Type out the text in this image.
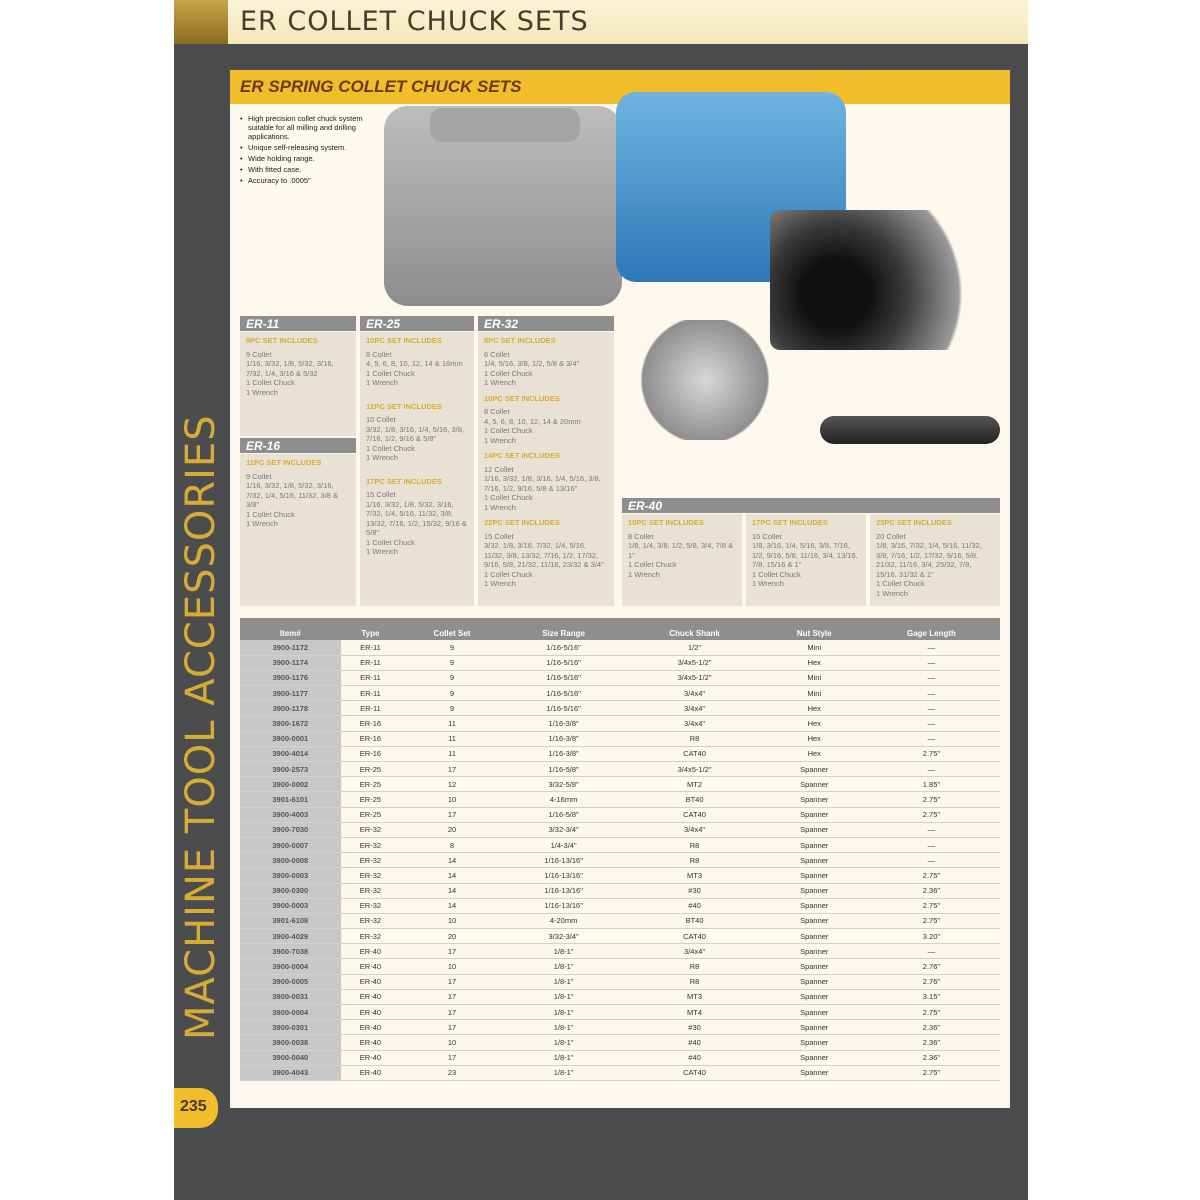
ER COLLET CHUCK SETS
MACHINE TOOL ACCESSORIES
235
ER SPRING COLLET CHUCK SETS
• High precision collet chuck system suitable for all milling and drilling applications.
• Unique self-releasing system.
• Wide holding range.
• With fitted case.
• Accuracy to .0005"
ER-11

9PC SET INCLUDES

9 Collet
1/16, 3/32, 1/8, 5/32, 3/16, 7/32, 1/4, 3/16 & 5/32
1 Collet Chuck
1 Wrench
ER-16

11PC SET INCLUDES

9 Collet
1/16, 3/32, 1/8, 5/32, 3/16, 7/32, 1/4, 5/16, 11/32, 3/8 & 3/8"
1 Collet Chuck
1 Wrench
ER-25

10PC SET INCLUDES

8 Collet
4, 5, 6, 8, 10, 12, 14 & 16mm
1 Collet Chuck

1 Wrench

12PC SET INCLUDES

10 Collet
3/32, 1/8, 3/16, 1/4, 5/16, 3/8, 7/16, 1/2, 9/16 & 5/8"
1 Collet Chuck

1 Wrench

17PC SET INCLUDES

15 Collet
1/16, 3/32, 1/8, 5/32, 3/16, 7/32, 1/4, 5/16, 11/32, 3/8, 13/32, 7/16, 1/2, 15/32, 9/16 & 5/8"
1 Collet Chuck
1 Wrench
ER-32

8PC SET INCLUDES

6 Collet
1/4, 5/16, 3/8, 1/2, 5/8 & 3/4"
1 Collet Chuck

1 Wrench

10PC SET INCLUDES

8 Collet
4, 5, 6, 8, 10, 12, 14 & 20mm
1 Collet Chuck

1 Wrench

14PC SET INCLUDES

12 Collet
1/16, 3/32, 1/8, 3/16, 1/4, 5/16, 3/8, 7/16, 1/2, 9/16, 5/8 & 13/16"
1 Collet Chuck

1 Wrench

22PC SET INCLUDES

15 Collet
3/32, 1/8, 3/16, 7/32, 1/4, 5/16, 11/32, 3/8, 13/32, 7/16, 1/2, 17/32, 9/16, 5/8, 21/32, 11/16, 23/32 & 3/4"
1 Collet Chuck
1 Wrench
ER-40

10PC SET INCLUDES

8 Collet
1/8, 1/4, 3/8, 1/2, 5/8, 3/4, 7/8 & 1"
1 Collet Chuck
1 Wrench

17PC SET INCLUDES

15 Collet
1/8, 3/16, 1/4, 5/16, 3/8, 7/16, 1/2, 9/16, 5/8, 11/16, 3/4, 13/16, 7/8, 15/16 & 1"
1 Collet Chuck
1 Wrench

23PC SET INCLUDES

20 Collet
1/8, 3/16, 7/32, 1/4, 5/16, 11/32, 3/8, 7/16, 1/2, 17/32, 9/16, 5/8, 21/32, 11/16, 3/4, 25/32, 7/8, 15/16, 31/32 & 1"
1 Collet Chuck
1 Wrench
Item#	Type	Collet Set	Size Range	Chuck Shank	Nut Style	Gage Length
3900-1172	ER-11	9	1/16-5/16"	1/2"	Mini	—
3900-1174	ER-11	9	1/16-5/16"	3/4x5-1/2"	Hex	—
3900-1176	ER-11	9	1/16-5/16"	3/4x5-1/2"	Mini	—
3900-1177	ER-11	9	1/16-5/16"	3/4x4"	Mini	—
3900-1178	ER-11	9	1/16-5/16"	3/4x4"	Hex	—
3900-1672	ER-16	11	1/16-3/8"	3/4x4"	Hex	—
3900-0001	ER-16	11	1/16-3/8"	R8	Hex	—
3900-4014	ER-16	11	1/16-3/8"	CAT40	Hex	2.75"
3900-2573	ER-25	17	1/16-5/8"	3/4x5-1/2"	Spanner	—
3900-0002	ER-25	12	3/32-5/8"	MT2	Spanner	1.85"
3901-6101	ER-25	10	4-16mm	BT40	Spanner	2.75"
3900-4003	ER-25	17	1/16-5/8"	CAT40	Spanner	2.75"
3900-7030	ER-32	20	3/32-3/4"	3/4x4"	Spanner	—
3900-0007	ER-32	8	1/4-3/4"	R8	Spanner	—
3900-0008	ER-32	14	1/16-13/16"	R8	Spanner	—
3900-0003	ER-32	14	1/16-13/16"	MT3	Spanner	2.75"
3900-0300	ER-32	14	1/16-13/16"	#30	Spanner	2.36"
3900-0003	ER-32	14	1/16-13/16"	#40	Spanner	2.75"
3901-6108	ER-32	10	4-20mm	BT40	Spanner	2.75"
3900-4029	ER-32	20	3/32-3/4"	CAT40	Spanner	3.20"
3900-7038	ER-40	17	1/8-1"	3/4x4"	Spanner	—
3900-0004	ER-40	10	1/8-1"	R8	Spanner	2.76"
3900-0005	ER-40	17	1/8-1"	R8	Spanner	2.76"
3900-0031	ER-40	17	1/8-1"	MT3	Spanner	3.15"
3900-0004	ER-40	17	1/8-1"	MT4	Spanner	2.75"
3900-0301	ER-40	17	1/8-1"	#30	Spanner	2.36"
3900-0038	ER-40	10	1/8-1"	#40	Spanner	2.36"
3900-0040	ER-40	17	1/8-1"	#40	Spanner	2.36"
3900-4043	ER-40	23	1/8-1"	CAT40	Spanner	2.75"
